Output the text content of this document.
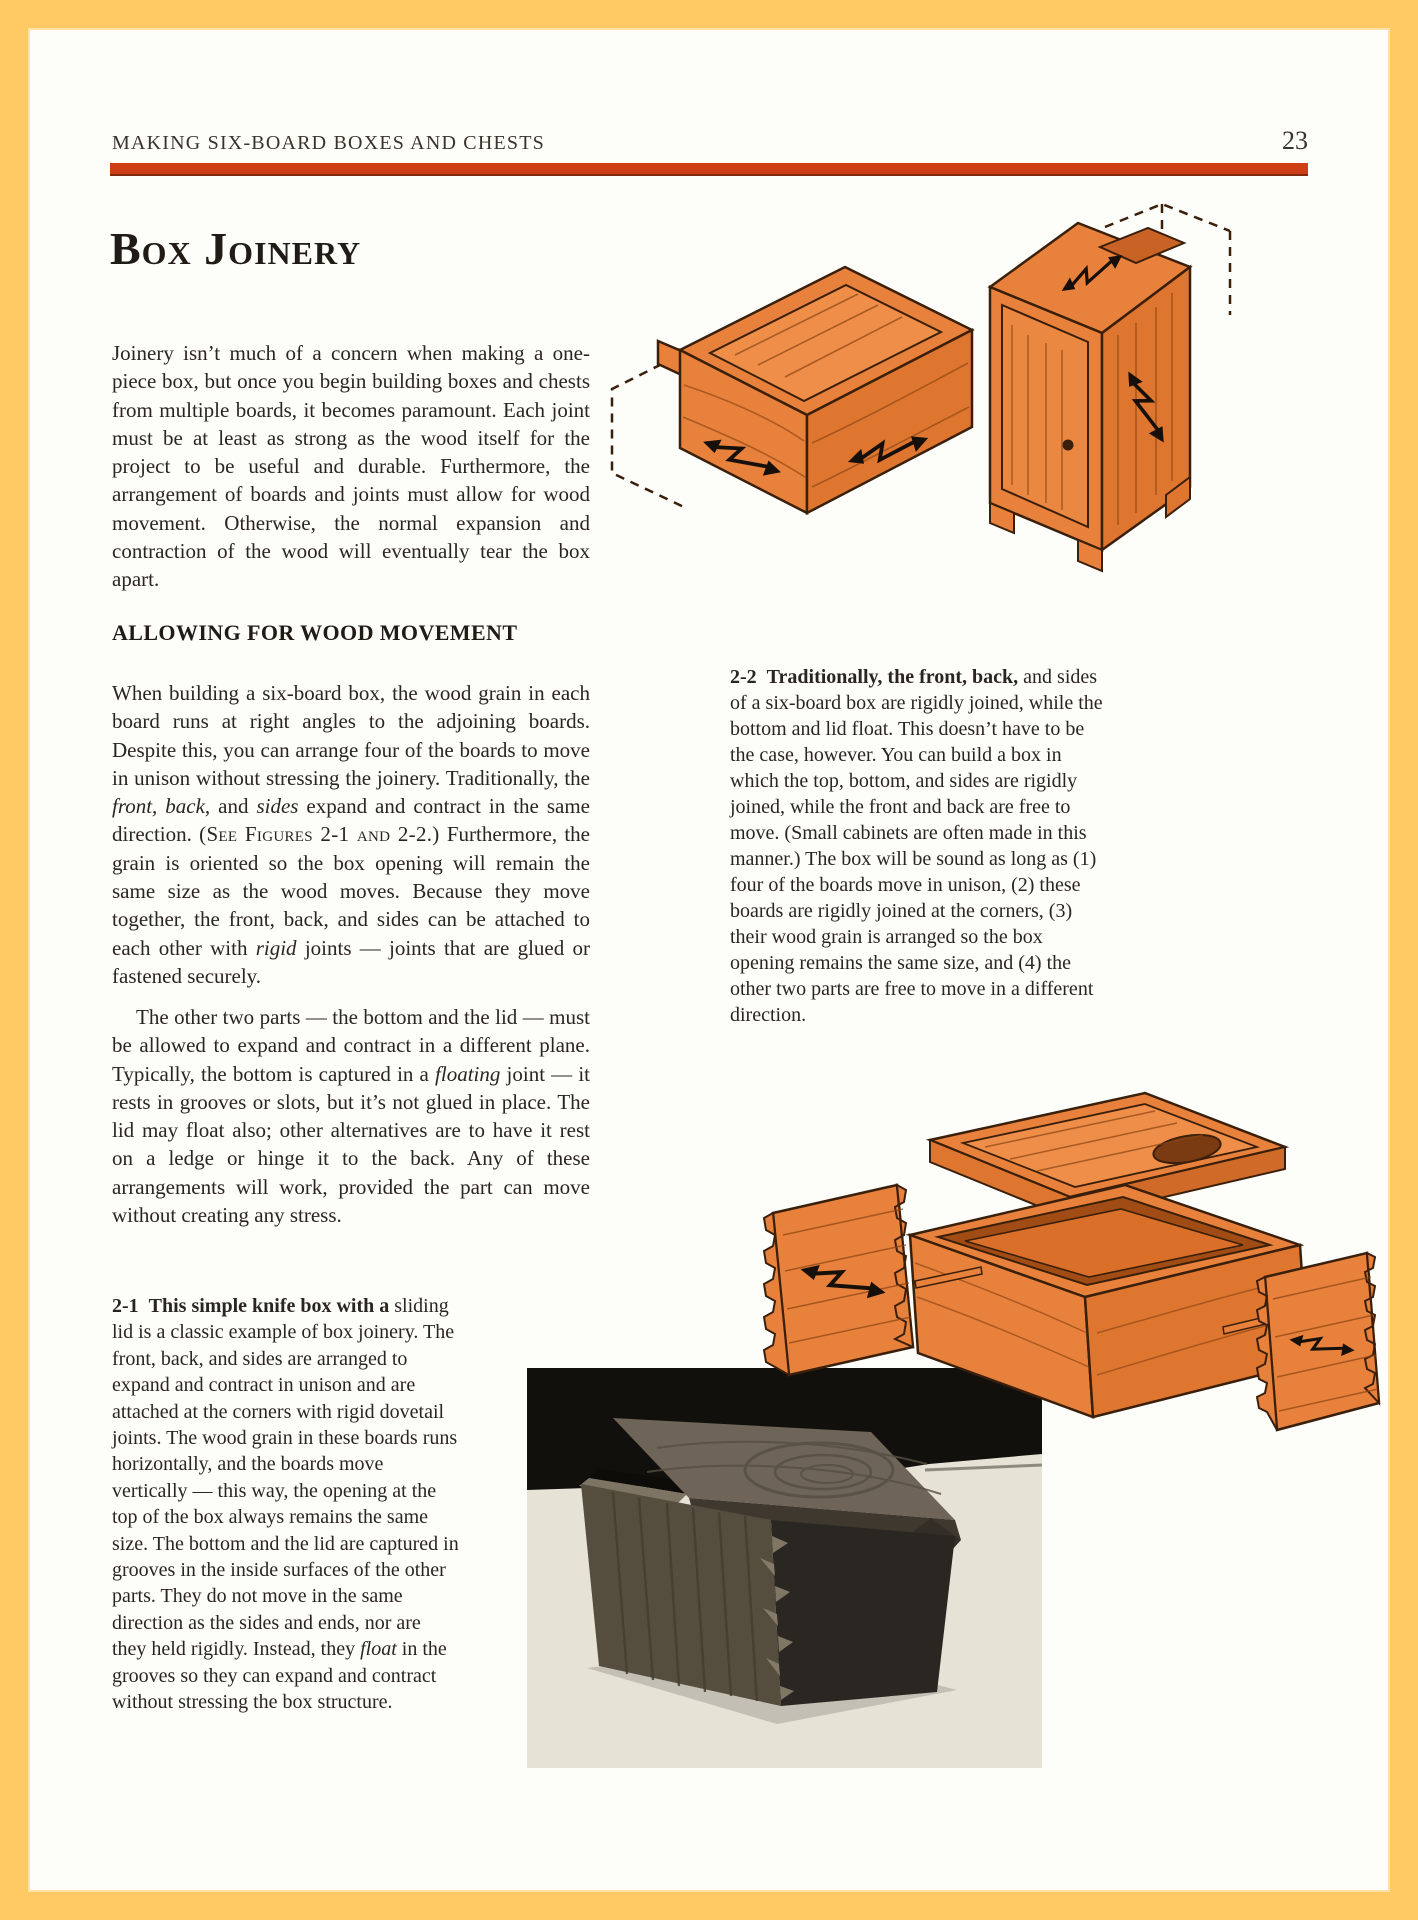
MAKING SIX-BOARD BOXES AND CHESTS	23
Box Joinery

Joinery isn’t much of a concern when making a one-piece box, but once you begin building boxes and chests from multiple boards, it becomes paramount. Each joint must be at least as strong as the wood itself for the project to be useful and durable. Furthermore, the arrangement of boards and joints must allow for wood movement. Otherwise, the normal expansion and contraction of the wood will eventually tear the box apart.

ALLOWING FOR WOOD MOVEMENT

When building a six-board box, the wood grain in each board runs at right angles to the adjoining boards. Despite this, you can arrange four of the boards to move in unison without stressing the joinery. Traditionally, the front, back, and sides expand and contract in the same direction. (See Figures 2-1 and 2-2.) Furthermore, the grain is oriented so the box opening will remain the same size as the wood moves. Because they move together, the front, back, and sides can be attached to each other with rigid joints — joints that are glued or fastened securely.

The other two parts — the bottom and the lid — must be allowed to expand and contract in a different plane. Typically, the bottom is captured in a floating joint — it rests in grooves or slots, but it’s not glued in place. The lid may float also; other alternatives are to have it rest on a ledge or hinge it to the back. Any of these arrangements will work, provided the part can move without creating any stress.

2-2 Traditionally, the front, back, and sides of a six-board box are rigidly joined, while the bottom and lid float. This doesn’t have to be the case, however. You can build a box in which the top, bottom, and sides are rigidly joined, while the front and back are free to move. (Small cabinets are often made in this manner.) The box will be sound as long as (1) four of the boards move in unison, (2) these boards are rigidly joined at the corners, (3) their wood grain is arranged so the box opening remains the same size, and (4) the other two parts are free to move in a different direction.

2-1 This simple knife box with a sliding lid is a classic example of box joinery. The front, back, and sides are arranged to expand and contract in unison and are attached at the corners with rigid dovetail joints. The wood grain in these boards runs horizontally, and the boards move vertically — this way, the opening at the top of the box always remains the same size. The bottom and the lid are captured in grooves in the inside surfaces of the other parts. They do not move in the same direction as the sides and ends, nor are they held rigidly. Instead, they float in the grooves so they can expand and contract without stressing the box structure.
